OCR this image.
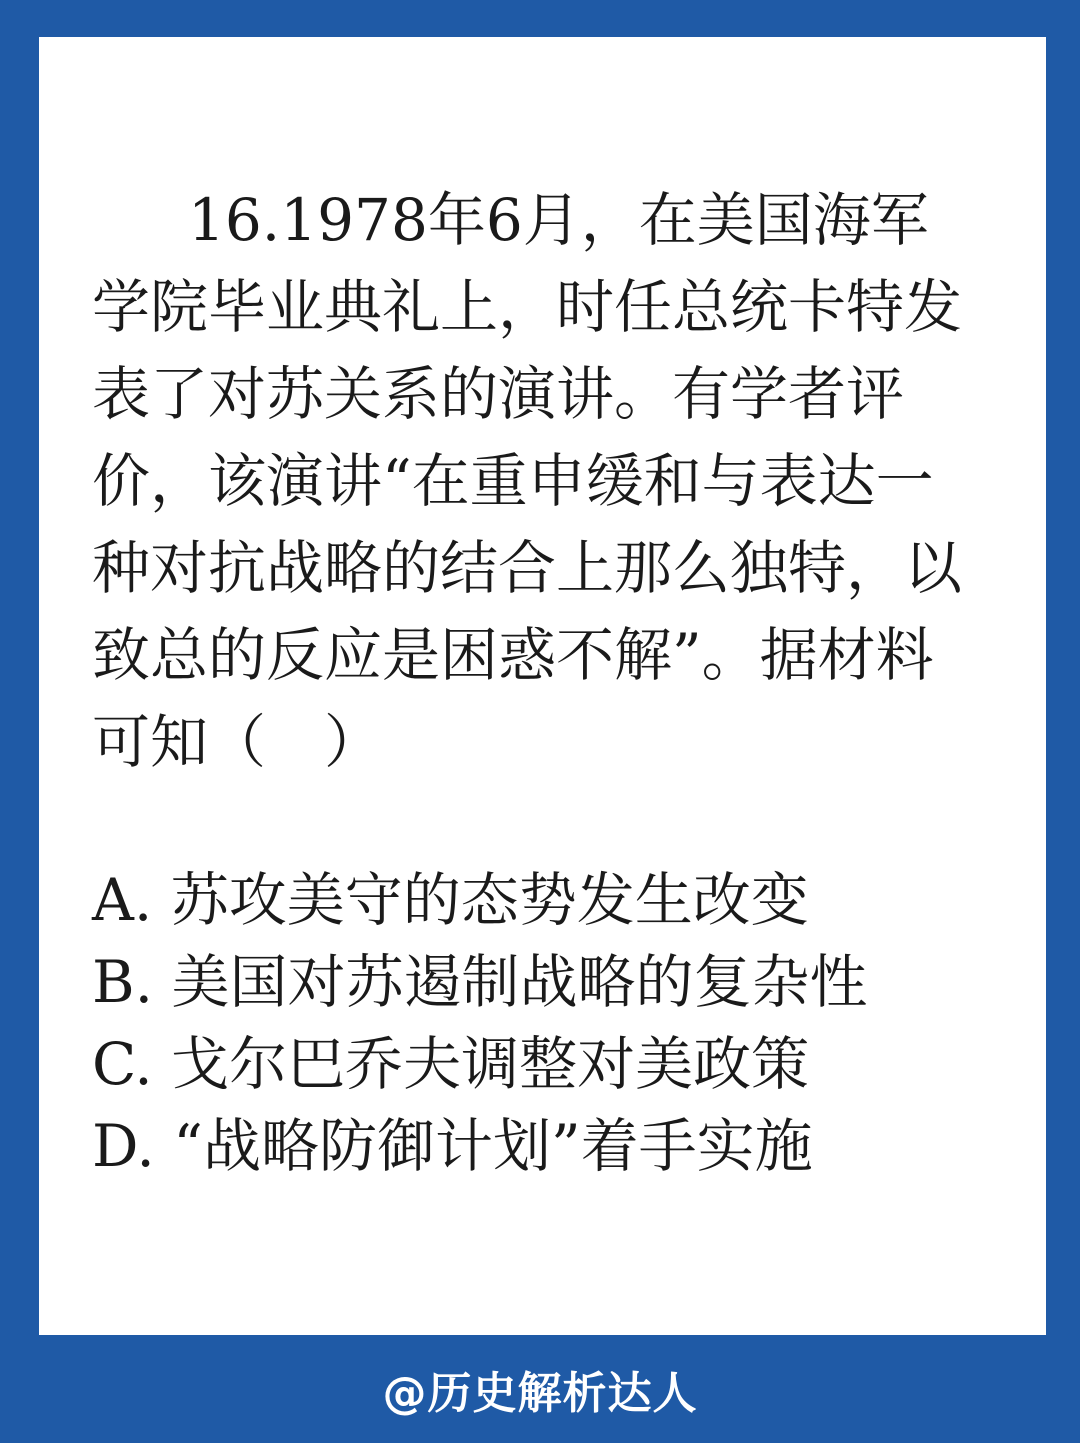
16.1978年6月，在美国海军学院毕业典礼上，时任总统卡特发表了对苏关系的演讲。有学者评价，该演讲“在重申缓和与表达一种对抗战略的结合上那么独特，以致总的反应是困惑不解”。据材料可知（　）

A. 苏攻美守的态势发生改变
B. 美国对苏遏制战略的复杂性
C. 戈尔巴乔夫调整对美政策
D. “战略防御计划”着手实施
@历史解析达人
